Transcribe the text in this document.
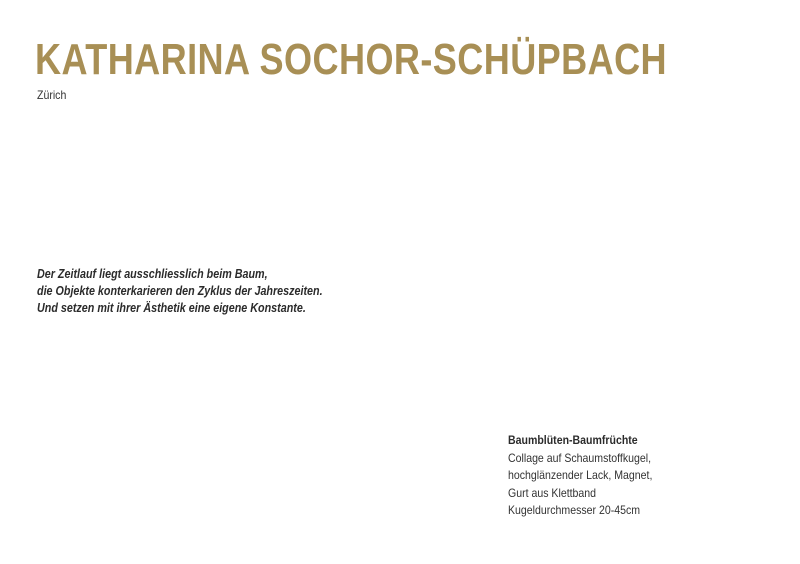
KATHARINA SOCHOR-SCHÜPBACH
Zürich
Der Zeitlauf liegt ausschliesslich beim Baum,
die Objekte konterkarieren den Zyklus der Jahreszeiten.
Und setzen mit ihrer Ästhetik eine eigene Konstante.
Baumblüten-Baumfrüchte
Collage auf Schaumstoffkugel,
hochglänzender Lack, Magnet,
Gurt aus Klettband
Kugeldurchmesser 20-45cm
